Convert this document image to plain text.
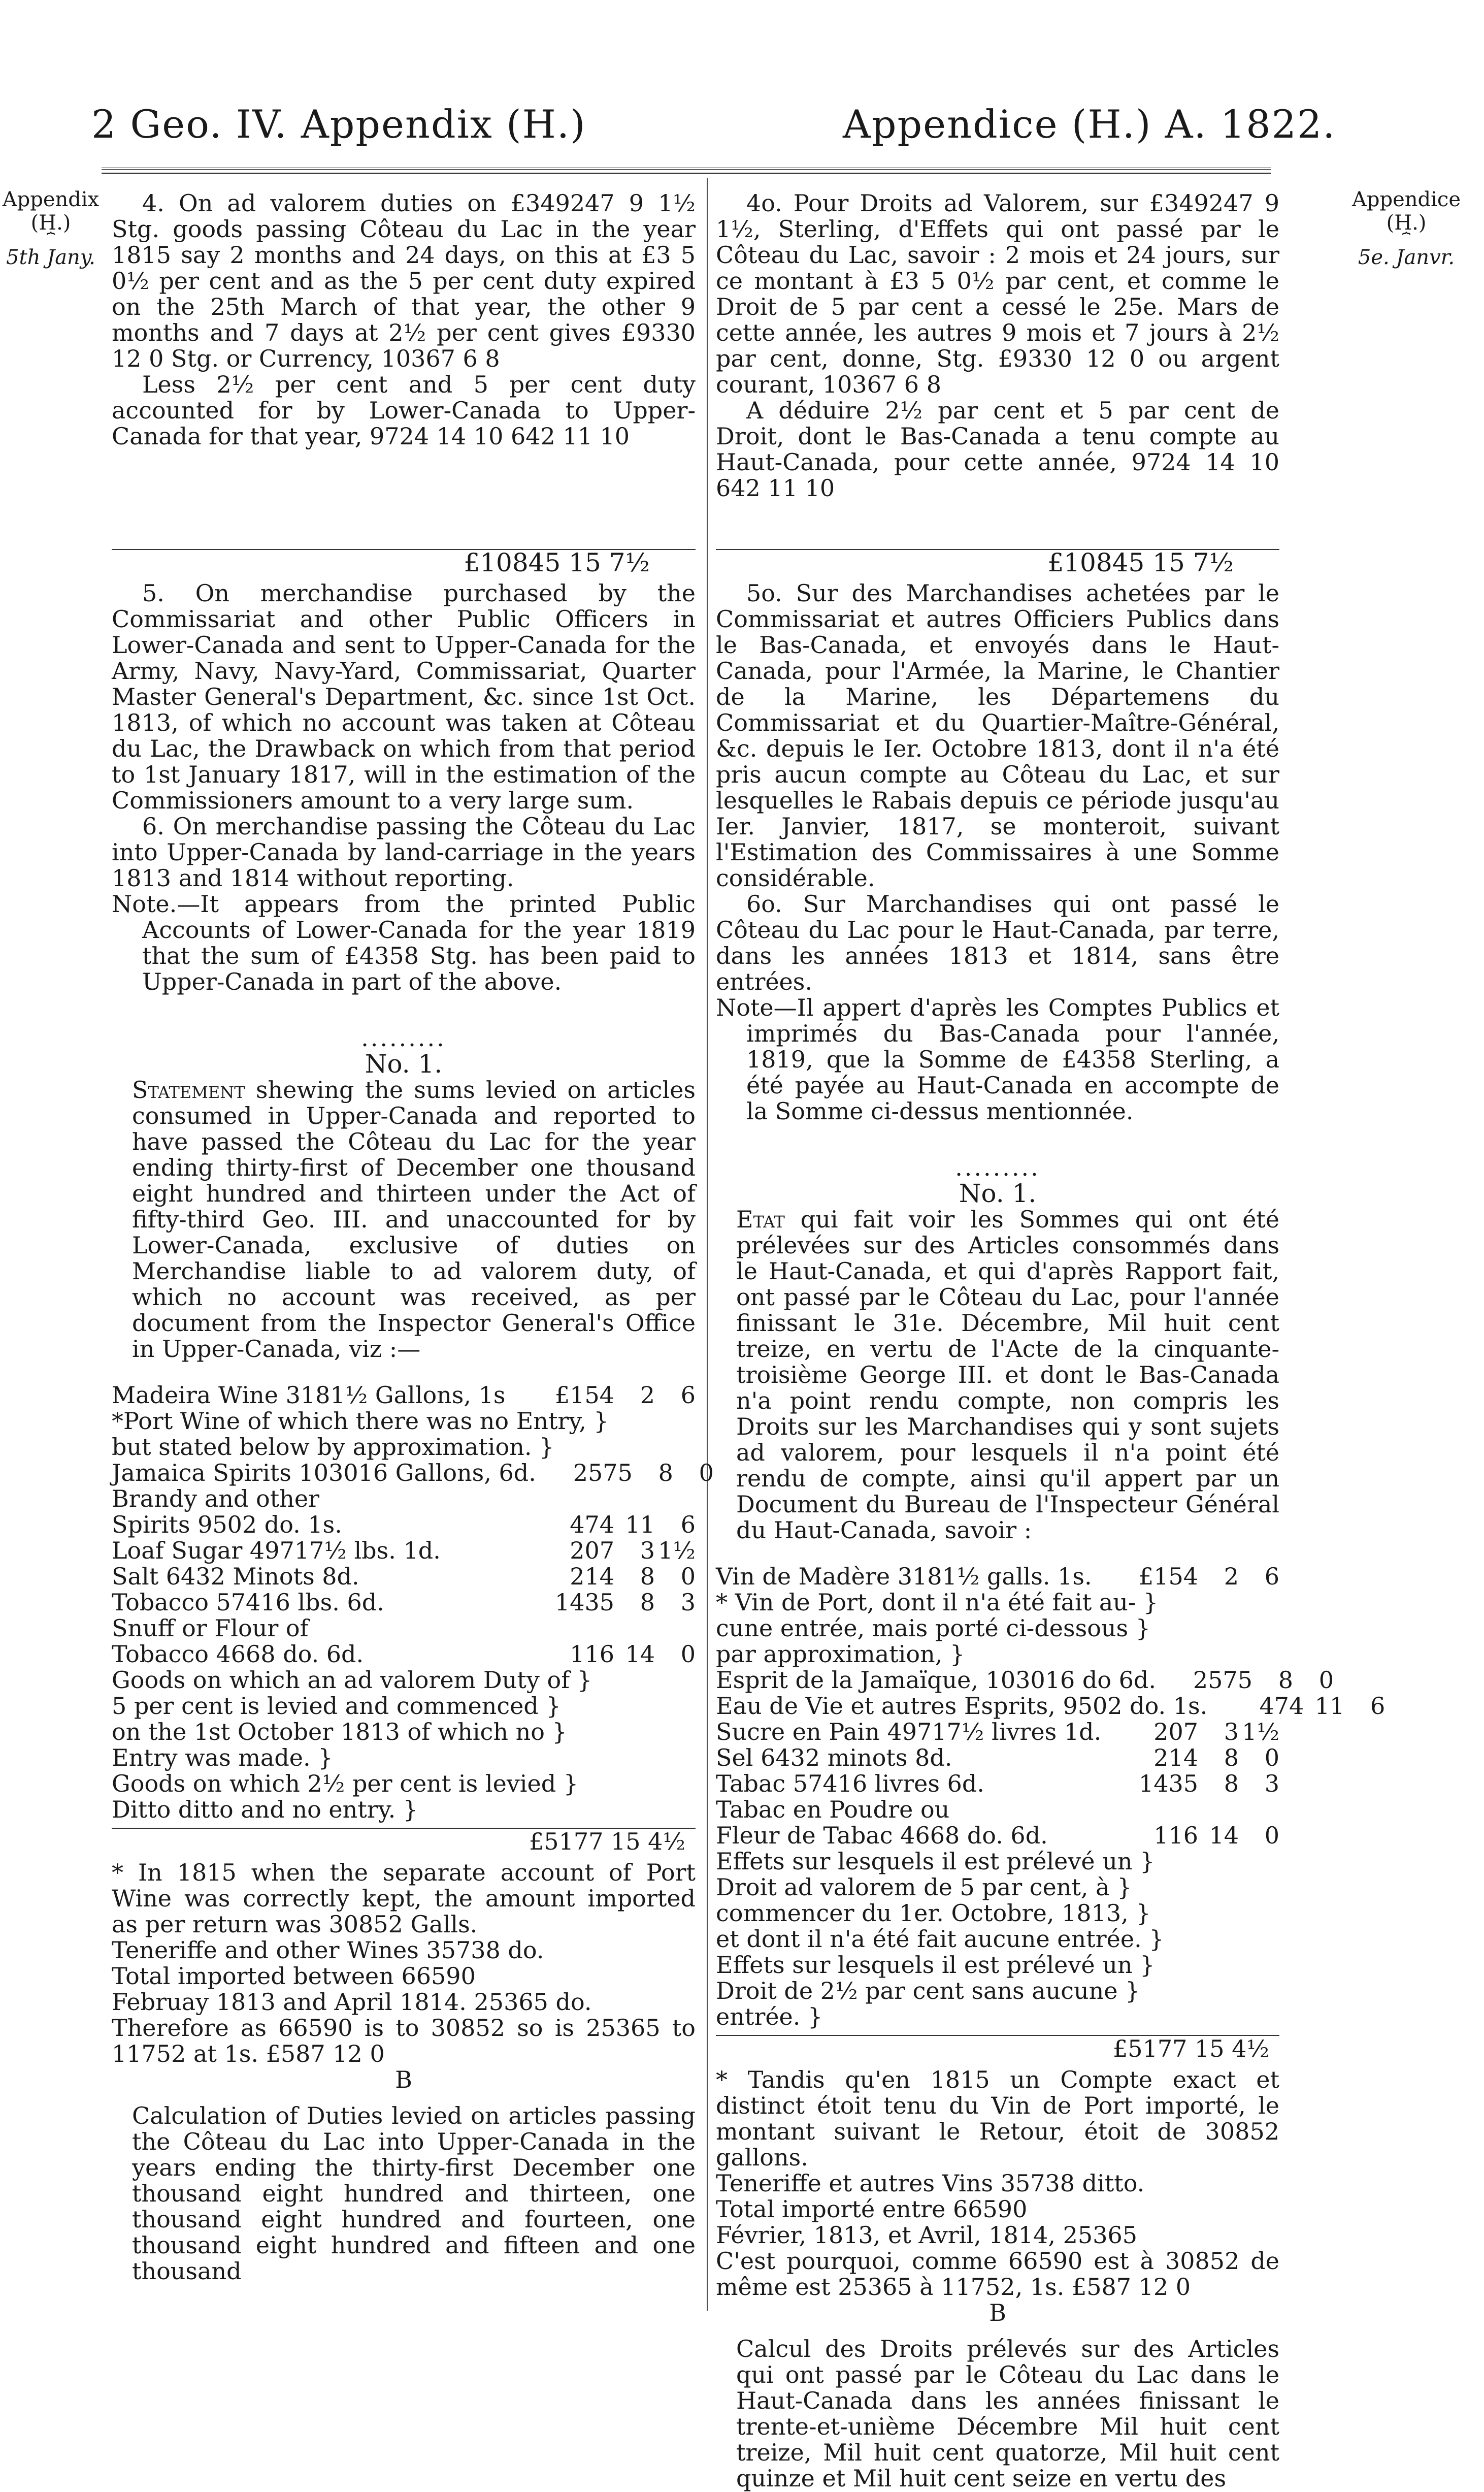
2 Geo. IV. Appendix (H.)	Appendice (H.) A. 1822.
Appendix
(H.)
⏞
5th Jany.
Appendice
(H.)
⏞
5e. Janvr.

4. On ad valorem duties on £349247 9 1½ Stg. goods passing Côteau du Lac in the year 1815 say 2 months and 24 days, on this at £3 5 0½ per cent and as the 5 per cent duty expired on the 25th March of that year, the other 9 months and 7 days at 2½ per cent gives £9330 12 0 Stg. or Currency, 10367 6 8

Less 2½ per cent and 5 per cent duty accounted for by Lower-Canada to Upper-Canada for that year, 9724 14 10 642 11 10

£10845 15 7½

5. On merchandise purchased by the Commissariat and other Public Officers in Lower-Canada and sent to Upper-Canada for the Army, Navy, Navy-Yard, Commissariat, Quarter Master General's Department, &c. since 1st Oct. 1813, of which no account was taken at Côteau du Lac, the Drawback on which from that period to 1st January 1817, will in the estimation of the Commissioners amount to a very large sum.

6. On merchandise passing the Côteau du Lac into Upper-Canada by land-carriage in the years 1813 and 1814 without reporting.

Note.—It appears from the printed Public Accounts of Lower-Canada for the year 1819 that the sum of £4358 Stg. has been paid to Upper-Canada in part of the above.

.........
No. 1.

Statement shewing the sums levied on articles consumed in Upper-Canada and reported to have passed the Côteau du Lac for the year ending thirty-first of December one thousand eight hundred and thirteen under the Act of fifty-third Geo. III. and unaccounted for by Lower-Canada, exclusive of duties on Merchandise liable to ad valorem duty, of which no account was received, as per document from the Inspector General's Office in Upper-Canada, viz :—

Madeira Wine 3181½ Gallons, 1s	£154	2	6
*Port Wine of which there was no Entry, }
but stated below by approximation. }
Jamaica Spirits 103016 Gallons, 6d.	2575	8	0
Brandy and other
Spirits 9502 do. 1s.	474 11	6
Loaf Sugar 49717½ lbs. 1d.	207	3 1½
Salt 6432 Minots 8d.	214	8	0
Tobacco 57416 lbs. 6d.	1435	8	3
Snuff or Flour of
Tobacco 4668 do. 6d.	116 14	0
Goods on which an ad valorem Duty of }
5 per cent is levied and commenced }
on the 1st October 1813 of which no }
Entry was made. }
Goods on which 2½ per cent is levied }
Ditto ditto and no entry. }
£5177 15 4½
* In 1815 when the separate account of Port Wine was correctly kept, the amount imported as per return was 30852 Galls.
Teneriffe and other Wines 35738 do.
Total imported between 66590
Februay 1813 and April 1814. 25365 do.
Therefore as 66590 is to 30852 so is 25365 to 11752 at 1s. £587 12 0
B

Calculation of Duties levied on articles passing the Côteau du Lac into Upper-Canada in the years ending the thirty-first December one thousand eight hundred and thirteen, one thousand eight hundred and fourteen, one thousand eight hundred and fifteen and one thousand

4o. Pour Droits ad Valorem, sur £349247 9 1½, Sterling, d'Effets qui ont passé par le Côteau du Lac, savoir : 2 mois et 24 jours, sur ce montant à £3 5 0½ par cent, et comme le Droit de 5 par cent a cessé le 25e. Mars de cette année, les autres 9 mois et 7 jours à 2½ par cent, donne, Stg. £9330 12 0 ou argent courant, 10367 6 8

A déduire 2½ par cent et 5 par cent de Droit, dont le Bas-Canada a tenu compte au Haut-Canada, pour cette année, 9724 14 10 642 11 10

£10845 15 7½

5o. Sur des Marchandises achetées par le Commissariat et autres Officiers Publics dans le Bas-Canada, et envoyés dans le Haut-Canada, pour l'Armée, la Marine, le Chantier de la Marine, les Départemens du Commissariat et du Quartier-Maître-Général, &c. depuis le Ier. Octobre 1813, dont il n'a été pris aucun compte au Côteau du Lac, et sur lesquelles le Rabais depuis ce période jusqu'au Ier. Janvier, 1817, se monteroit, suivant l'Estimation des Commissaires à une Somme considérable.

6o. Sur Marchandises qui ont passé le Côteau du Lac pour le Haut-Canada, par terre, dans les années 1813 et 1814, sans être entrées.

Note—Il appert d'après les Comptes Publics et imprimés du Bas-Canada pour l'année, 1819, que la Somme de £4358 Sterling, a été payée au Haut-Canada en accompte de la Somme ci-dessus mentionnée.

.........
No. 1.

Etat qui fait voir les Sommes qui ont été prélevées sur des Articles consommés dans le Haut-Canada, et qui d'après Rapport fait, ont passé par le Côteau du Lac, pour l'année finissant le 31e. Décembre, Mil huit cent treize, en vertu de l'Acte de la cinquante-troisième George III. et dont le Bas-Canada n'a point rendu compte, non compris les Droits sur les Marchandises qui y sont sujets ad valorem, pour lesquels il n'a point été rendu de compte, ainsi qu'il appert par un Document du Bureau de l'Inspecteur Général du Haut-Canada, savoir :

Vin de Madère 3181½ galls. 1s.	£154	2	6
* Vin de Port, dont il n'a été fait au- }
cune entrée, mais porté ci-dessous }
par approximation, }
Esprit de la Jamaïque, 103016 do 6d.	2575	8	0
Eau de Vie et autres Esprits, 9502 do. 1s.	474 11	6
Sucre en Pain 49717½ livres 1d.	207	3 1½
Sel 6432 minots 8d.	214	8	0
Tabac 57416 livres 6d.	1435	8	3
Tabac en Poudre ou
Fleur de Tabac 4668 do. 6d.	116 14	0
Effets sur lesquels il est prélevé un }
Droit ad valorem de 5 par cent, à }
commencer du 1er. Octobre, 1813, }
et dont il n'a été fait aucune entrée. }
Effets sur lesquels il est prélevé un }
Droit de 2½ par cent sans aucune }
entrée. }
£5177 15 4½
* Tandis qu'en 1815 un Compte exact et distinct étoit tenu du Vin de Port importé, le montant suivant le Retour, étoit de 30852 gallons.
Teneriffe et autres Vins 35738 ditto.
Total importé entre 66590
Février, 1813, et Avril, 1814, 25365
C'est pourquoi, comme 66590 est à 30852 de même est 25365 à 11752, 1s. £587 12 0
B

Calcul des Droits prélevés sur des Articles qui ont passé par le Côteau du Lac dans le Haut-Canada dans les années finissant le trente-et-unième Décembre Mil huit cent treize, Mil huit cent quatorze, Mil huit cent quinze et Mil huit cent seize en vertu des
